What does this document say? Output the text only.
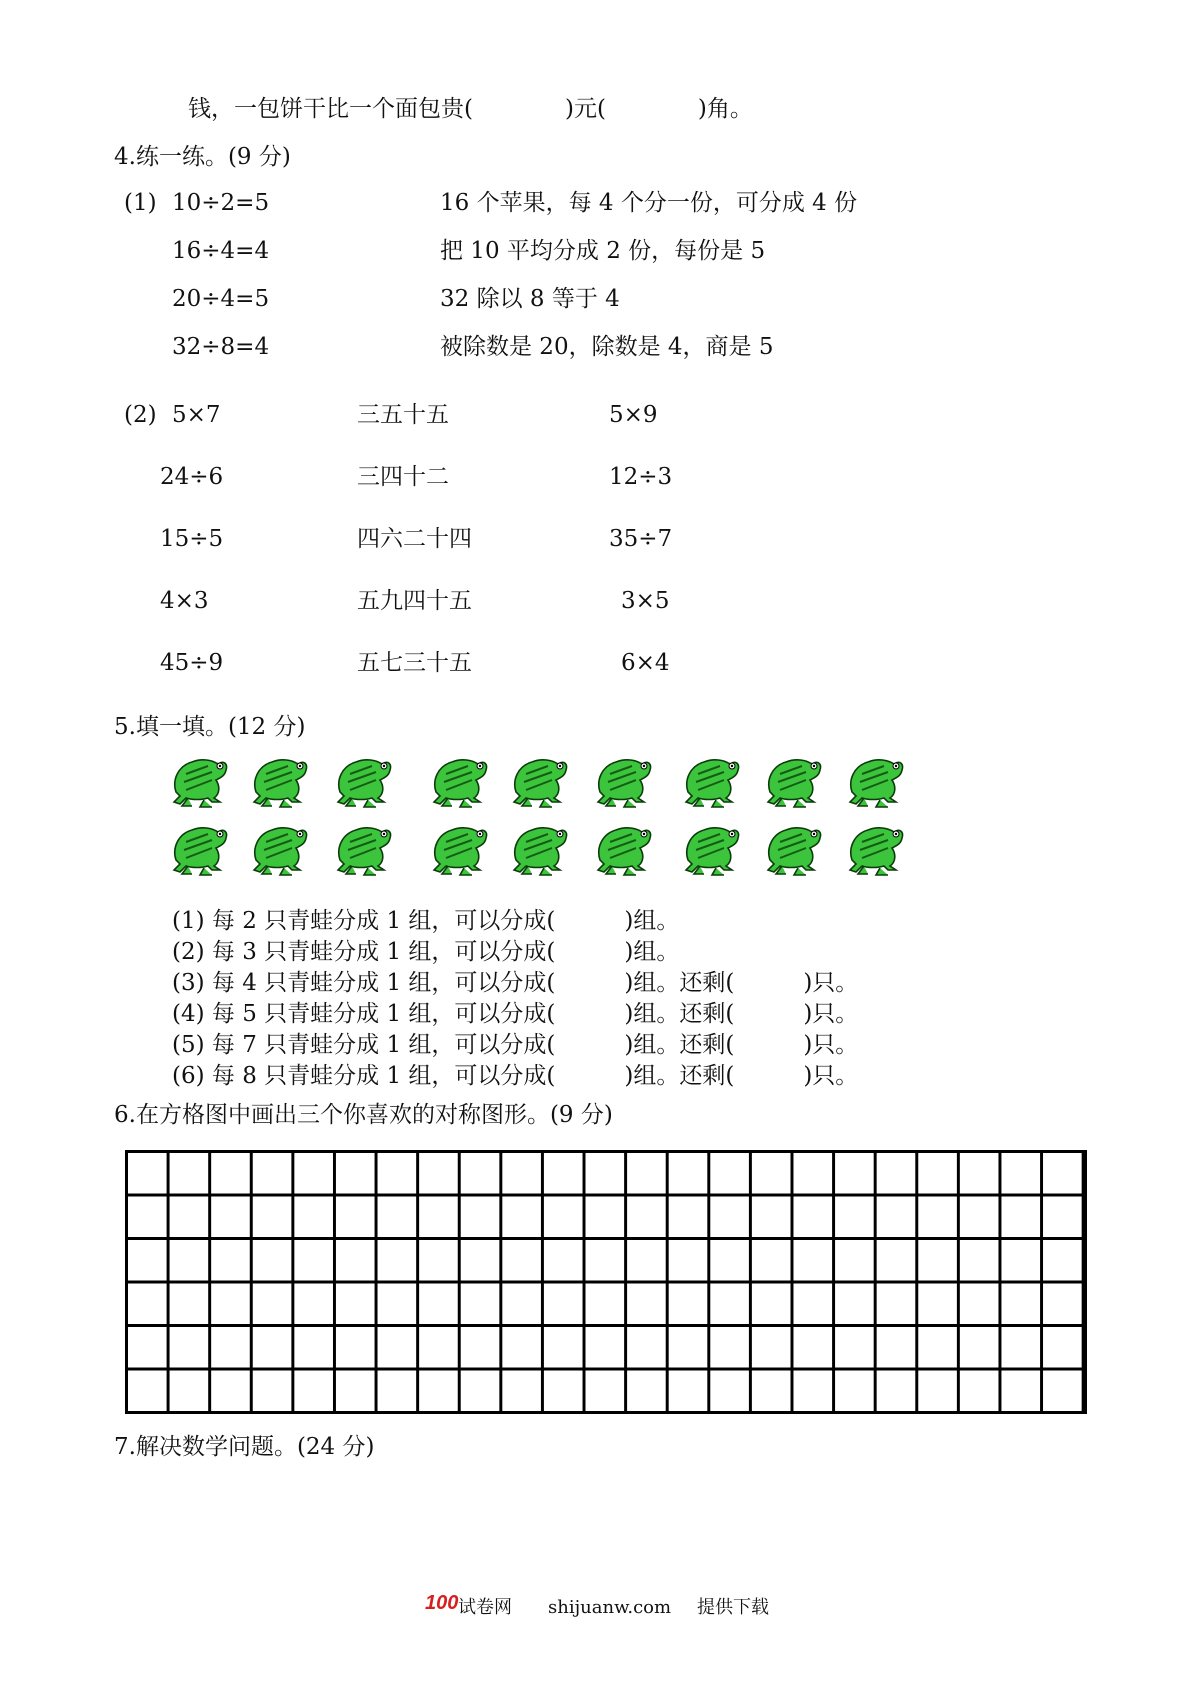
钱，一包饼干比一个面包贵(　　　　)元(　　　　)角。
4.练一练。(9 分)
(1) 10÷2=5
16÷4=4
20÷4=5
32÷8=4
16 个苹果，每 4 个分一份，可分成 4 份
把 10 平均分成 2 份，每份是 5
32 除以 8 等于 4
被除数是 20，除数是 4，商是 5
(2) 5×7
24÷6
15÷5
4×3
45÷9
三五十五
三四十二
四六二十四
五九四十五
五七三十五
5×9
12÷3
35÷7
3×5
6×4
5.填一填。(12 分)
(1) 每 2 只青蛙分成 1 组，可以分成(　　　)组。
(2) 每 3 只青蛙分成 1 组，可以分成(　　　)组。
(3) 每 4 只青蛙分成 1 组，可以分成(　　　)组。还剩(　　　)只。
(4) 每 5 只青蛙分成 1 组，可以分成(　　　)组。还剩(　　　)只。
(5) 每 7 只青蛙分成 1 组，可以分成(　　　)组。还剩(　　　)只。
(6) 每 8 只青蛙分成 1 组，可以分成(　　　)组。还剩(　　　)只。
6.在方格图中画出三个你喜欢的对称图形。(9 分)
7.解决数学问题。(24 分)
100 试卷网 shijuanw.com 提供下载
